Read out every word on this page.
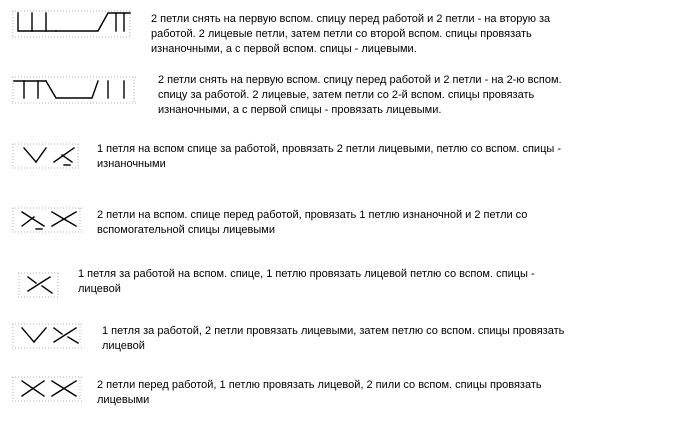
2 петли снять на первую вспом. спицу перед работой и 2 петли - на вторую за
работой. 2 лицевые петли, затем петли со второй вспом. спицы провязать
изнаночными, а с первой вспом. спицы - лицевыми.

2 петли снять на первую вспом. спицу перед работой и 2 петли - на 2-ю вспом.
спицу за работой. 2 лицевые, затем петли со 2-й вспом. спицы провязать
изнаночными, а с первой спицы - провязать лицевыми.

1 петля на вспом спице за работой, провязать 2 петли лицевыми, петлю со вспом. спицы -
изнаночными

2 петли на вспом. спице перед работой, провязать 1 петлю изнаночной и 2 петли со
вспомогательной спицы лицевыми

1 петля за работой на вспом. спице, 1 петлю провязать лицевой петлю со вспом. спицы -
лицевой

1 петля за работой, 2 петли провязать лицевыми, затем петлю со вспом. спицы провязать
лицевой

2 петли перед работой, 1 петлю провязать лицевой, 2 пили со вспом. спицы провязать
лицевыми
